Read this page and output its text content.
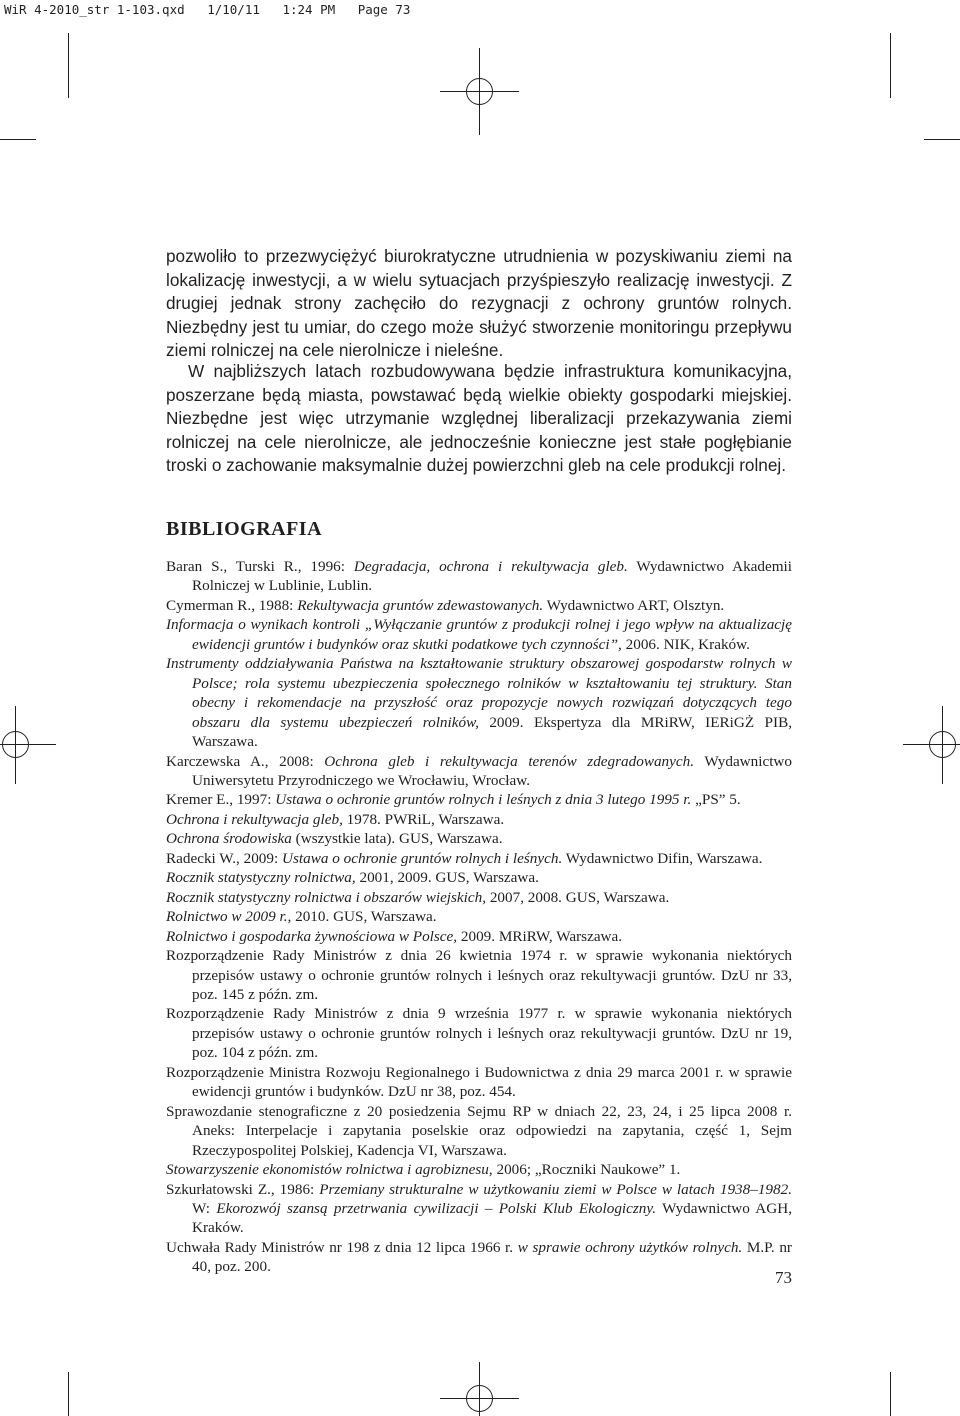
WiR 4-2010_str 1-103.qxd   1/10/11   1:24 PM   Page 73

pozwoliło to przezwyciężyć biurokratyczne utrudnienia w pozyskiwaniu ziemi na lokalizację inwestycji, a w wielu sytuacjach przyśpieszyło realizację inwestycji. Z drugiej jednak strony zachęciło do rezygnacji z ochrony gruntów rolnych. Niezbędny jest tu umiar, do czego może służyć stworzenie monitoringu przepływu ziemi rolniczej na cele nierolnicze i nieleśne.

W najbliższych latach rozbudowywana będzie infrastruktura komunikacyjna, poszerzane będą miasta, powstawać będą wielkie obiekty gospodarki miejskiej. Niezbędne jest więc utrzymanie względnej liberalizacji przekazywania ziemi rolniczej na cele nierolnicze, ale jednocześnie konieczne jest stałe pogłębianie troski o zachowanie maksymalnie dużej powierzchni gleb na cele produkcji rolnej.

BIBLIOGRAFIA
Baran S., Turski R., 1996: Degradacja, ochrona i rekultywacja gleb. Wydawnictwo Akademii Rolniczej w Lublinie, Lublin.
Cymerman R., 1988: Rekultywacja gruntów zdewastowanych. Wydawnictwo ART, Olsztyn.
Informacja o wynikach kontroli „Wyłączanie gruntów z produkcji rolnej i jego wpływ na aktualizację ewidencji gruntów i budynków oraz skutki podatkowe tych czynności”, 2006. NIK, Kraków.
Instrumenty oddziaływania Państwa na kształtowanie struktury obszarowej gospodarstw rolnych w Polsce; rola systemu ubezpieczenia społecznego rolników w kształtowaniu tej struktury. Stan obecny i rekomendacje na przyszłość oraz propozycje nowych rozwiązań dotyczących tego obszaru dla systemu ubezpieczeń rolników, 2009. Ekspertyza dla MRiRW, IERiGŻ PIB, Warszawa.
Karczewska A., 2008: Ochrona gleb i rekultywacja terenów zdegradowanych. Wydawnictwo Uniwersytetu Przyrodniczego we Wrocławiu, Wrocław.
Kremer E., 1997: Ustawa o ochronie gruntów rolnych i leśnych z dnia 3 lutego 1995 r. „PS” 5.
Ochrona i rekultywacja gleb, 1978. PWRiL, Warszawa.
Ochrona środowiska (wszystkie lata). GUS, Warszawa.
Radecki W., 2009: Ustawa o ochronie gruntów rolnych i leśnych. Wydawnictwo Difin, Warszawa.
Rocznik statystyczny rolnictwa, 2001, 2009. GUS, Warszawa.
Rocznik statystyczny rolnictwa i obszarów wiejskich, 2007, 2008. GUS, Warszawa.
Rolnictwo w 2009 r., 2010. GUS, Warszawa.
Rolnictwo i gospodarka żywnościowa w Polsce, 2009. MRiRW, Warszawa.
Rozporządzenie Rady Ministrów z dnia 26 kwietnia 1974 r. w sprawie wykonania niektórych przepisów ustawy o ochronie gruntów rolnych i leśnych oraz rekultywacji gruntów. DzU nr 33, poz. 145 z późn. zm.
Rozporządzenie Rady Ministrów z dnia 9 września 1977 r. w sprawie wykonania niektórych przepisów ustawy o ochronie gruntów rolnych i leśnych oraz rekultywacji gruntów. DzU nr 19, poz. 104 z późn. zm.
Rozporządzenie Ministra Rozwoju Regionalnego i Budownictwa z dnia 29 marca 2001 r. w sprawie ewidencji gruntów i budynków. DzU nr 38, poz. 454.
Sprawozdanie stenograficzne z 20 posiedzenia Sejmu RP w dniach 22, 23, 24, i 25 lipca 2008 r. Aneks: Interpelacje i zapytania poselskie oraz odpowiedzi na zapytania, część 1, Sejm Rzeczypospolitej Polskiej, Kadencja VI, Warszawa.
Stowarzyszenie ekonomistów rolnictwa i agrobiznesu, 2006; „Roczniki Naukowe” 1.
Szkurłatowski Z., 1986: Przemiany strukturalne w użytkowaniu ziemi w Polsce w latach 1938–1982. W: Ekorozwój szansą przetrwania cywilizacji – Polski Klub Ekologiczny. Wydawnictwo AGH, Kraków.
Uchwała Rady Ministrów nr 198 z dnia 12 lipca 1966 r. w sprawie ochrony użytków rolnych. M.P. nr 40, poz. 200.
73
